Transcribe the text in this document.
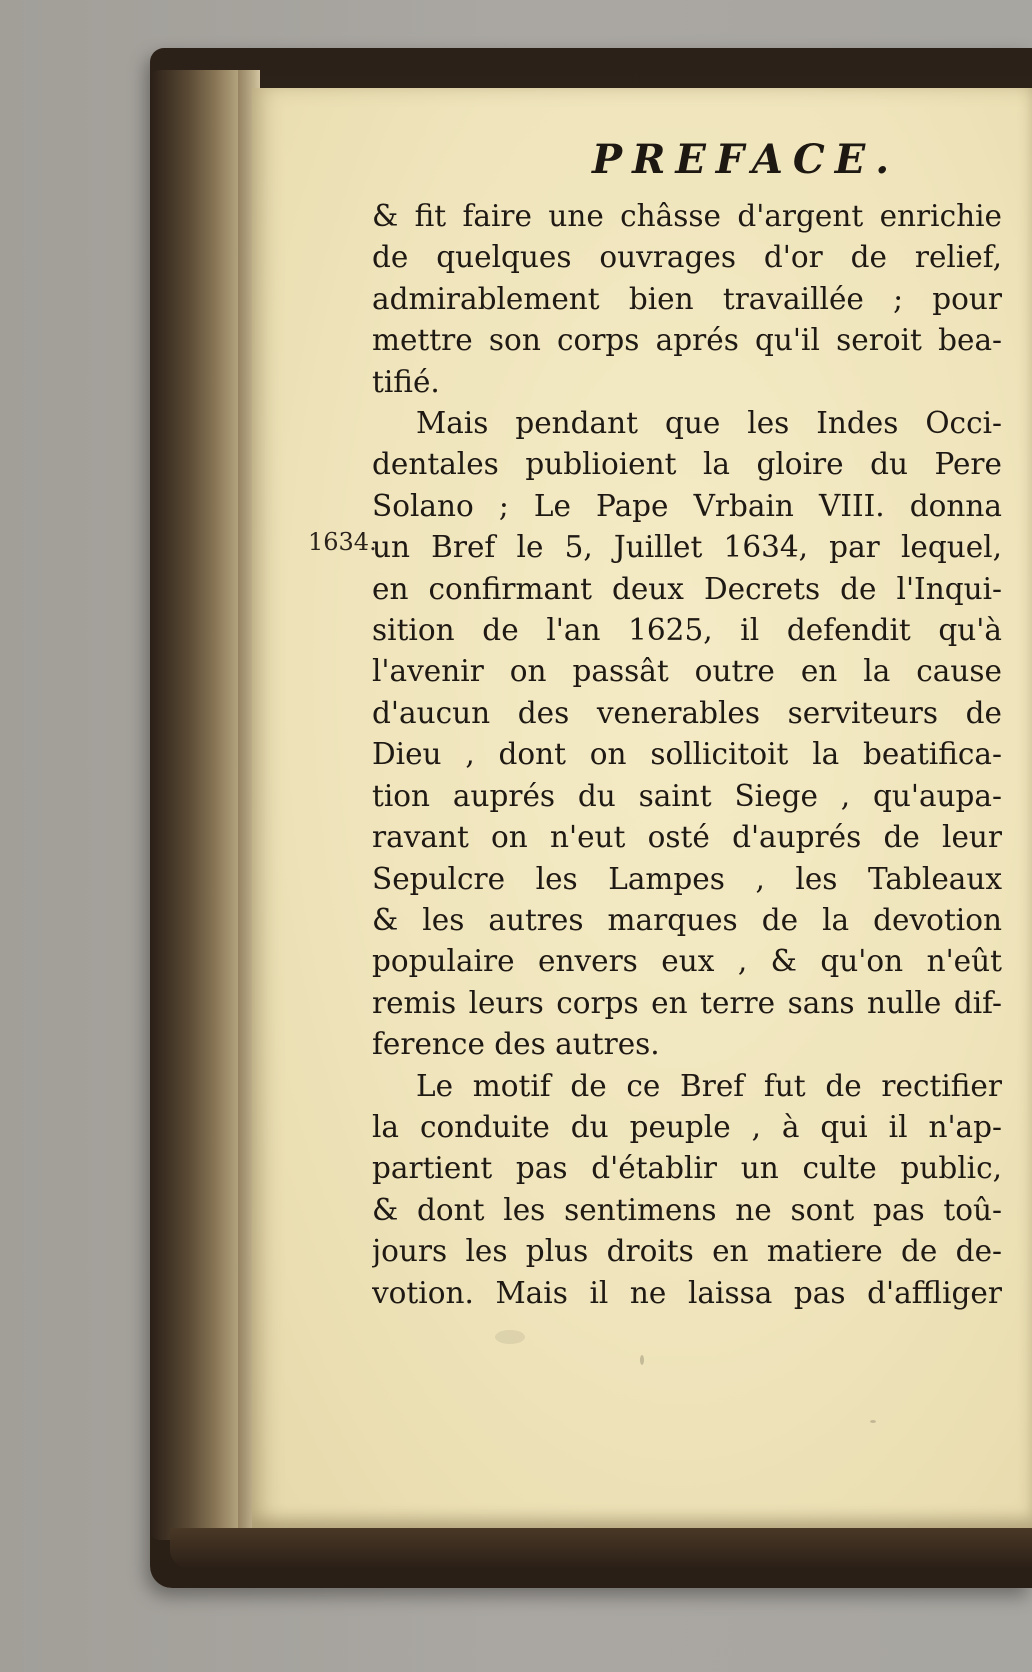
PREFACE.
1634.
& fit faire une châsse d'argent enrichie
de quelques ouvrages d'or de relief,
admirablement bien travaillée ; pour
mettre son corps aprés qu'il seroit bea-
tifié.
Mais pendant que les Indes Occi-
dentales publioient la gloire du Pere
Solano ; Le Pape Vrbain VIII. donna
un Bref le 5, Juillet 1634, par lequel,
en confirmant deux Decrets de l'Inqui-
sition de l'an 1625, il defendit qu'à
l'avenir on passât outre en la cause
d'aucun des venerables serviteurs de
Dieu , dont on sollicitoit la beatifica-
tion auprés du saint Siege , qu'aupa-
ravant on n'eut osté d'auprés de leur
Sepulcre les Lampes , les Tableaux
& les autres marques de la devotion
populaire envers eux , & qu'on n'eût
remis leurs corps en terre sans nulle dif-
ference des autres.
Le motif de ce Bref fut de rectifier
la conduite du peuple , à qui il n'ap-
partient pas d'établir un culte public,
& dont les sentimens ne sont pas toû-
jours les plus droits en matiere de de-
votion. Mais il ne laissa pas d'affliger
